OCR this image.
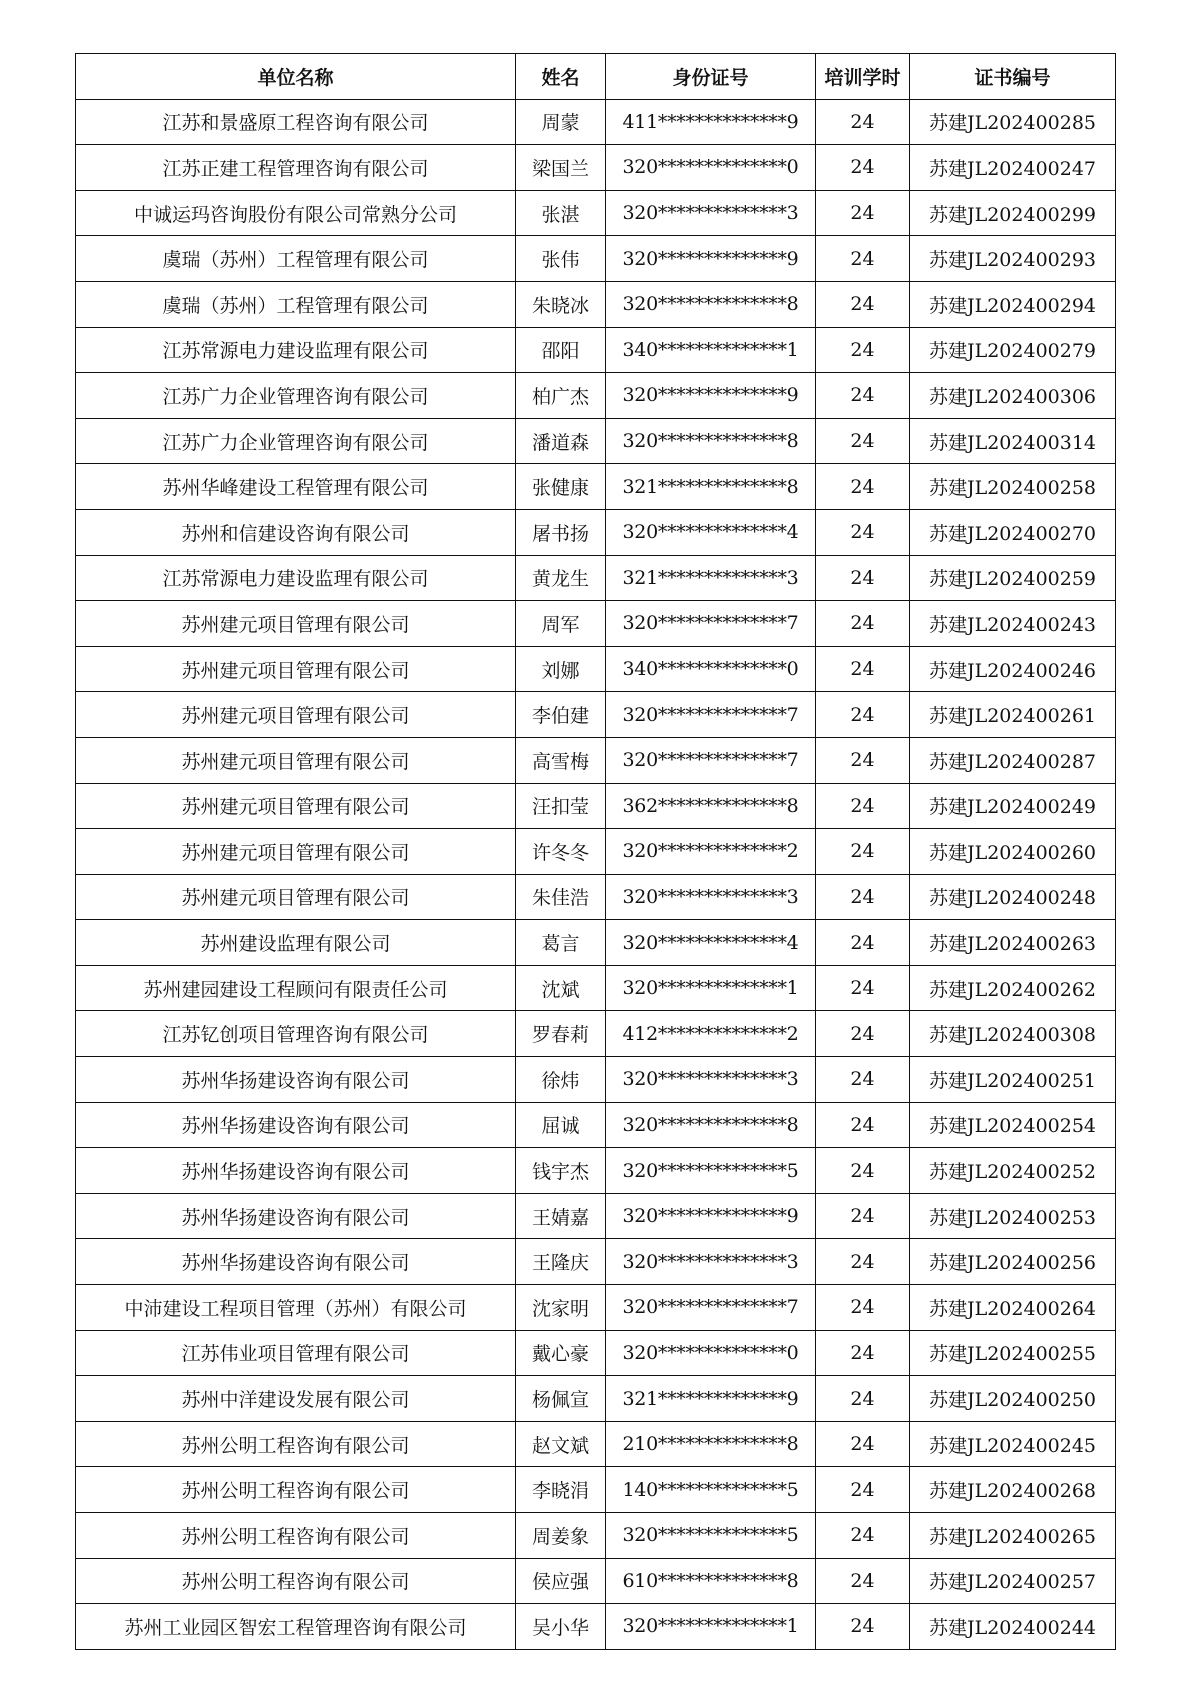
单位名称	姓名	身份证号	培训学时	证书编号
江苏和景盛原工程咨询有限公司	周蒙	411**************9	24	苏建JL202400285
江苏正建工程管理咨询有限公司	梁国兰	320**************0	24	苏建JL202400247
中诚运玛咨询股份有限公司常熟分公司	张湛	320**************3	24	苏建JL202400299
虞瑞（苏州）工程管理有限公司	张伟	320**************9	24	苏建JL202400293
虞瑞（苏州）工程管理有限公司	朱晓冰	320**************8	24	苏建JL202400294
江苏常源电力建设监理有限公司	邵阳	340**************1	24	苏建JL202400279
江苏广力企业管理咨询有限公司	柏广杰	320**************9	24	苏建JL202400306
江苏广力企业管理咨询有限公司	潘道森	320**************8	24	苏建JL202400314
苏州华峰建设工程管理有限公司	张健康	321**************8	24	苏建JL202400258
苏州和信建设咨询有限公司	屠书扬	320**************4	24	苏建JL202400270
江苏常源电力建设监理有限公司	黄龙生	321**************3	24	苏建JL202400259
苏州建元项目管理有限公司	周军	320**************7	24	苏建JL202400243
苏州建元项目管理有限公司	刘娜	340**************0	24	苏建JL202400246
苏州建元项目管理有限公司	李伯建	320**************7	24	苏建JL202400261
苏州建元项目管理有限公司	高雪梅	320**************7	24	苏建JL202400287
苏州建元项目管理有限公司	汪扣莹	362**************8	24	苏建JL202400249
苏州建元项目管理有限公司	许冬冬	320**************2	24	苏建JL202400260
苏州建元项目管理有限公司	朱佳浩	320**************3	24	苏建JL202400248
苏州建设监理有限公司	葛言	320**************4	24	苏建JL202400263
苏州建园建设工程顾问有限责任公司	沈斌	320**************1	24	苏建JL202400262
江苏钇创项目管理咨询有限公司	罗春莉	412**************2	24	苏建JL202400308
苏州华扬建设咨询有限公司	徐炜	320**************3	24	苏建JL202400251
苏州华扬建设咨询有限公司	屈诚	320**************8	24	苏建JL202400254
苏州华扬建设咨询有限公司	钱宇杰	320**************5	24	苏建JL202400252
苏州华扬建设咨询有限公司	王婧嘉	320**************9	24	苏建JL202400253
苏州华扬建设咨询有限公司	王隆庆	320**************3	24	苏建JL202400256
中沛建设工程项目管理（苏州）有限公司	沈家明	320**************7	24	苏建JL202400264
江苏伟业项目管理有限公司	戴心豪	320**************0	24	苏建JL202400255
苏州中洋建设发展有限公司	杨佩宣	321**************9	24	苏建JL202400250
苏州公明工程咨询有限公司	赵文斌	210**************8	24	苏建JL202400245
苏州公明工程咨询有限公司	李晓涓	140**************5	24	苏建JL202400268
苏州公明工程咨询有限公司	周姜象	320**************5	24	苏建JL202400265
苏州公明工程咨询有限公司	侯应强	610**************8	24	苏建JL202400257
苏州工业园区智宏工程管理咨询有限公司	吴小华	320**************1	24	苏建JL202400244
